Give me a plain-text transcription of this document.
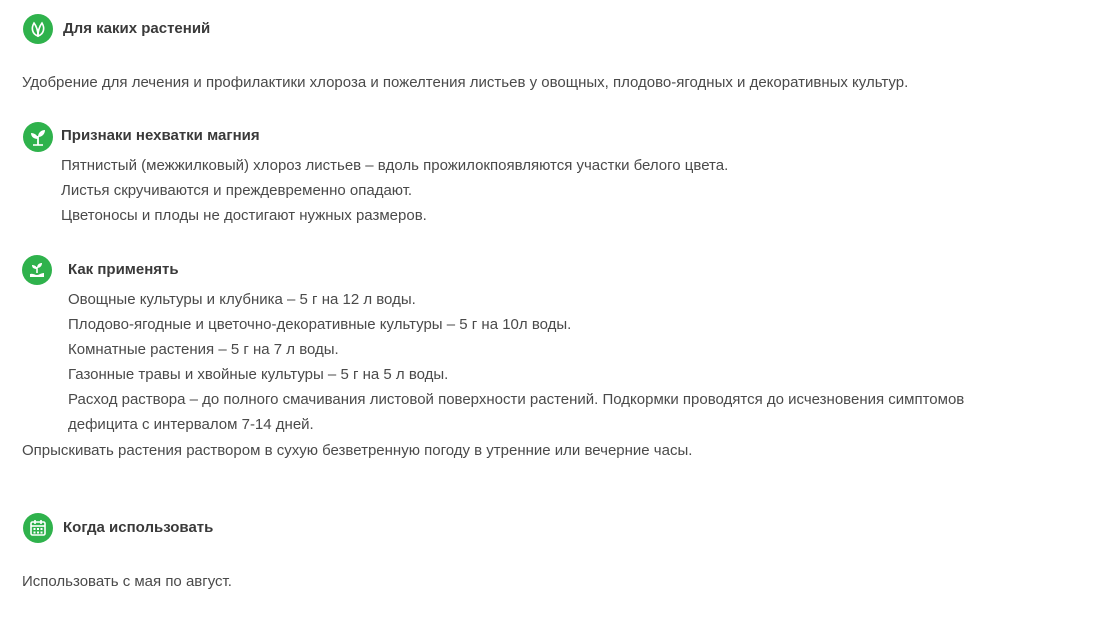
Для каких растений
Удобрение для лечения и профилактики хлороза и пожелтения листьев у овощных, плодово-ягодных и декоративных культур.
Признаки нехватки магния
Пятнистый (межжилковый) хлороз листьев – вдоль прожилокпоявляются участки белого цвета.
Листья скручиваются и преждевременно опадают.
Цветоносы и плоды не достигают нужных размеров.
Как применять
Овощные культуры и клубника – 5 г на 12 л воды.
Плодово-ягодные и цветочно-декоративные культуры – 5 г на 10л воды.
Комнатные растения – 5 г на 7 л воды.
Газонные травы и хвойные культуры – 5 г на 5 л воды.
Расход раствора – до полного смачивания листовой поверхности растений. Подкормки проводятся до исчезновения симптомов
дефицита с интервалом 7-14 дней.
Опрыскивать растения раствором в сухую безветренную погоду в утренние или вечерние часы.
Когда использовать
Использовать с мая по август.
